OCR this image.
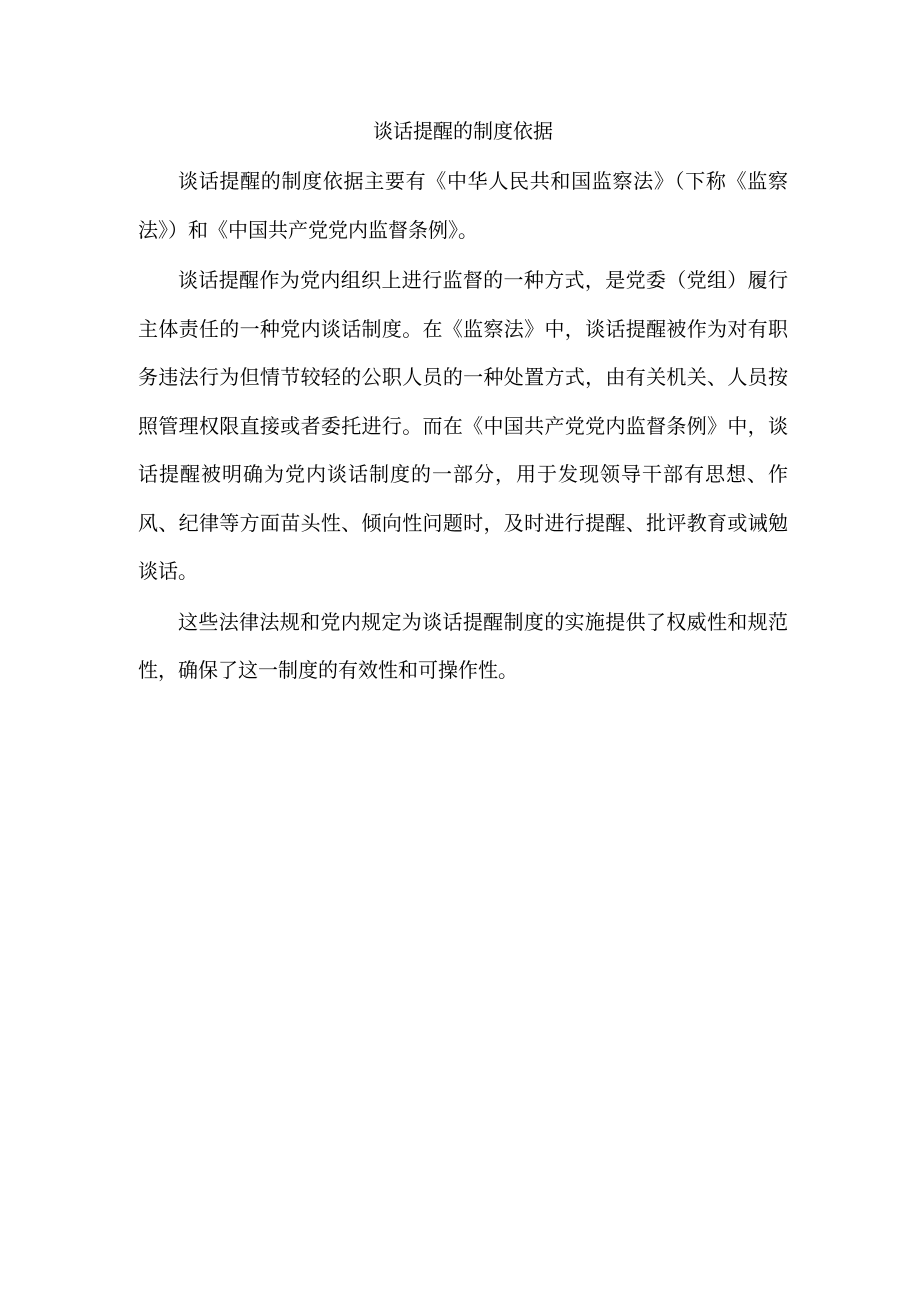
谈话提醒的制度依据

谈话提醒的制度依据主要有《中华人民共和国监察法》（下称《监察法》）和《中国共产党党内监督条例》。

谈话提醒作为党内组织上进行监督的一种方式，是党委（党组）履行主体责任的一种党内谈话制度。在《监察法》中，谈话提醒被作为对有职务违法行为但情节较轻的公职人员的一种处置方式，由有关机关、人员按照管理权限直接或者委托进行。而在《中国共产党党内监督条例》中，谈话提醒被明确为党内谈话制度的一部分，用于发现领导干部有思想、作风、纪律等方面苗头性、倾向性问题时，及时进行提醒、批评教育或诫勉谈话。

这些法律法规和党内规定为谈话提醒制度的实施提供了权威性和规范性，确保了这一制度的有效性和可操作性。
